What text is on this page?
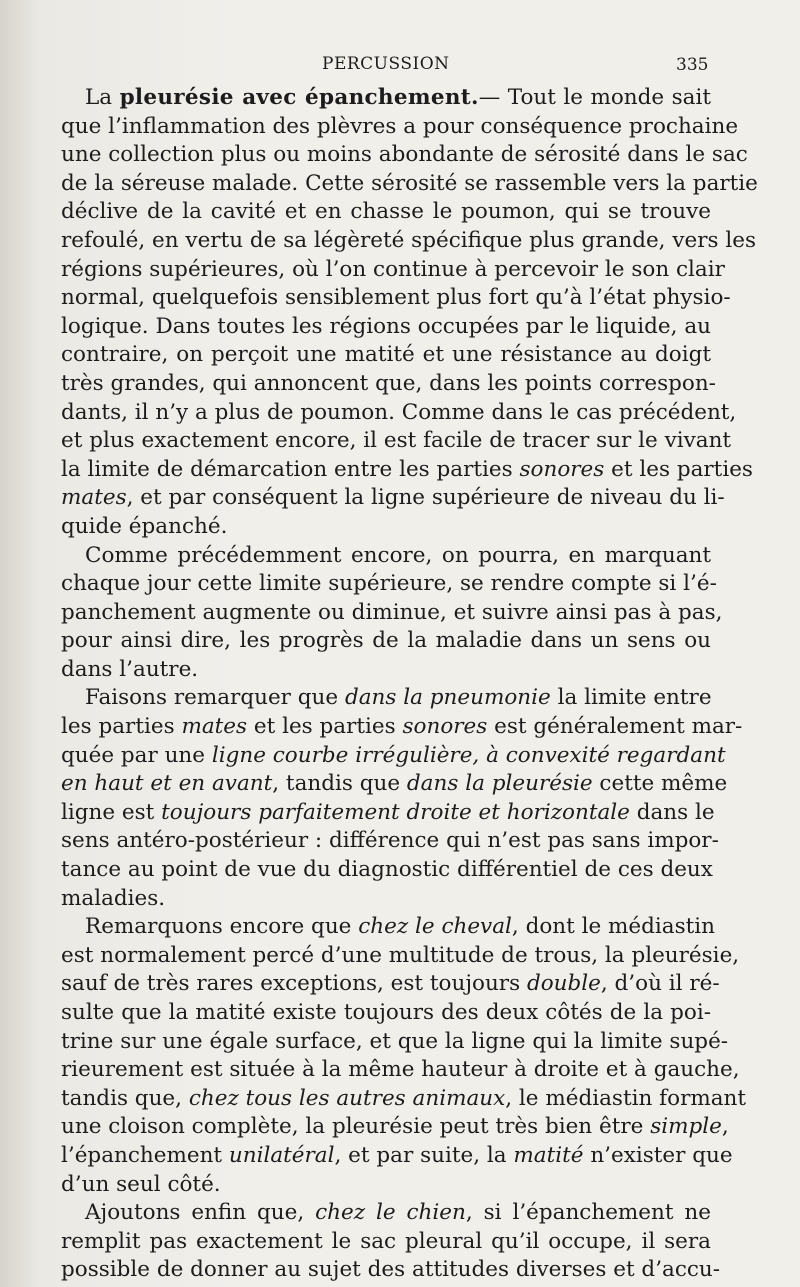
PERCUSSION	335
La pleurésie avec épanchement.— Tout le monde sait
que l’inflammation des plèvres a pour conséquence prochaine
une collection plus ou moins abondante de sérosité dans le sac
de la séreuse malade. Cette sérosité se rassemble vers la partie
déclive de la cavité et en chasse le poumon, qui se trouve
refoulé, en vertu de sa légèreté spécifique plus grande, vers les
régions supérieures, où l’on continue à percevoir le son clair
normal, quelquefois sensiblement plus fort qu’à l’état physio-
logique. Dans toutes les régions occupées par le liquide, au
contraire, on perçoit une matité et une résistance au doigt
très grandes, qui annoncent que, dans les points correspon-
dants, il n’y a plus de poumon. Comme dans le cas précédent,
et plus exactement encore, il est facile de tracer sur le vivant
la limite de démarcation entre les parties sonores et les parties
mates, et par conséquent la ligne supérieure de niveau du li-
quide épanché.
Comme précédemment encore, on pourra, en marquant
chaque jour cette limite supérieure, se rendre compte si l’é-
panchement augmente ou diminue, et suivre ainsi pas à pas,
pour ainsi dire, les progrès de la maladie dans un sens ou
dans l’autre.
Faisons remarquer que dans la pneumonie la limite entre
les parties mates et les parties sonores est généralement mar-
quée par une ligne courbe irrégulière, à convexité regardant
en haut et en avant, tandis que dans la pleurésie cette même
ligne est toujours parfaitement droite et horizontale dans le
sens antéro-postérieur : différence qui n’est pas sans impor-
tance au point de vue du diagnostic différentiel de ces deux
maladies.
Remarquons encore que chez le cheval, dont le médiastin
est normalement percé d’une multitude de trous, la pleurésie,
sauf de très rares exceptions, est toujours double, d’où il ré-
sulte que la matité existe toujours des deux côtés de la poi-
trine sur une égale surface, et que la ligne qui la limite supé-
rieurement est située à la même hauteur à droite et à gauche,
tandis que, chez tous les autres animaux, le médiastin formant
une cloison complète, la pleurésie peut très bien être simple,
l’épanchement unilatéral, et par suite, la matité n’exister que
d’un seul côté.
Ajoutons enfin que, chez le chien, si l’épanchement ne
remplit pas exactement le sac pleural qu’il occupe, il sera
possible de donner au sujet des attitudes diverses et d’accu-
